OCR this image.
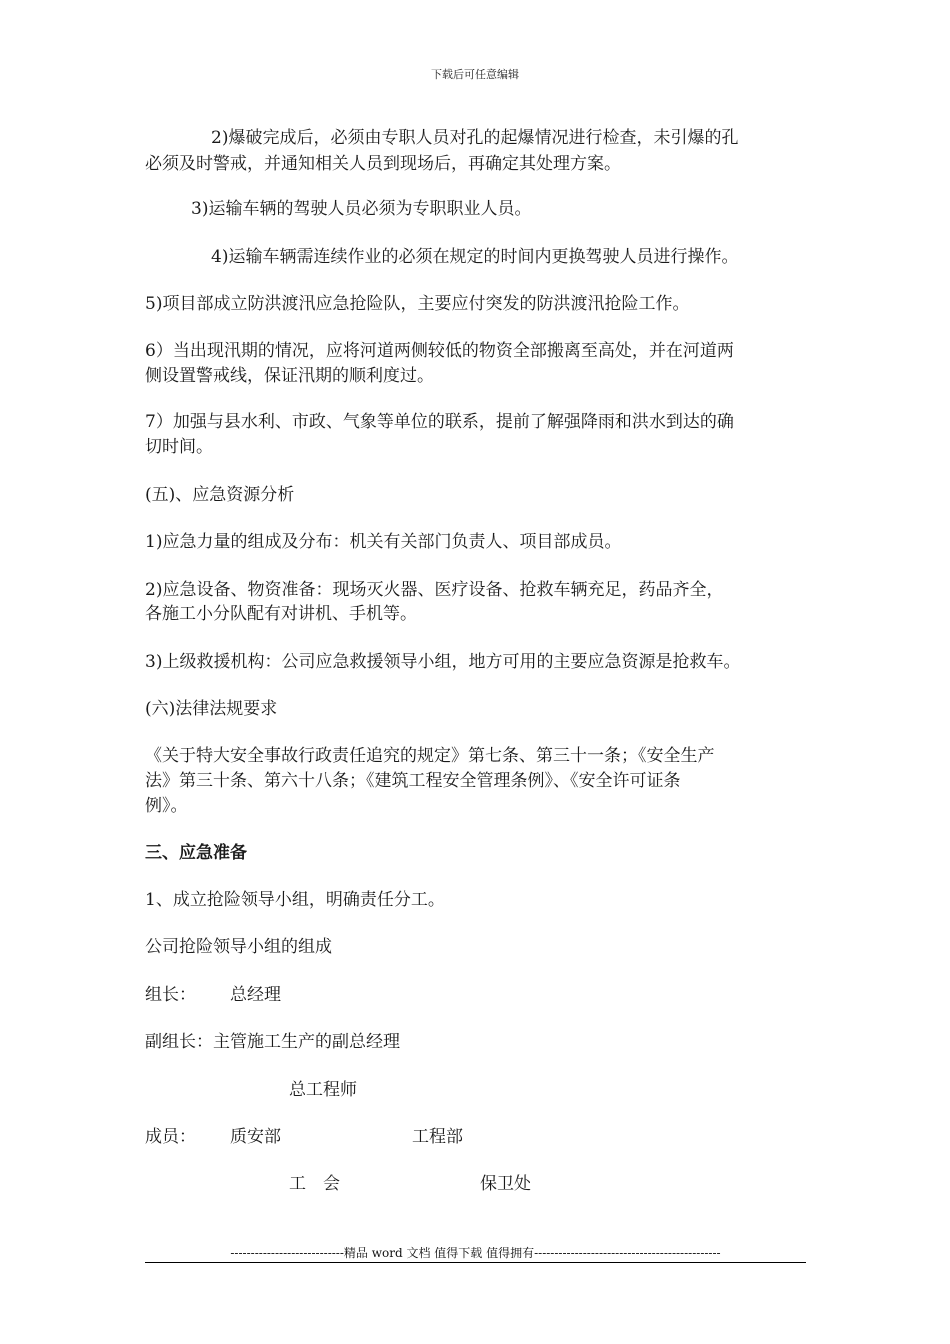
下载后可任意编辑
2)爆破完成后，必须由专职人员对孔的起爆情况进行检查，未引爆的孔
必须及时警戒，并通知相关人员到现场后，再确定其处理方案。
3)运输车辆的驾驶人员必须为专职职业人员。
4)运输车辆需连续作业的必须在规定的时间内更换驾驶人员进行操作。
5)项目部成立防洪渡汛应急抢险队，主要应付突发的防洪渡汛抢险工作。
6）当出现汛期的情况，应将河道两侧较低的物资全部搬离至高处，并在河道两
侧设置警戒线，保证汛期的顺利度过。
7）加强与县水利、市政、气象等单位的联系，提前了解强降雨和洪水到达的确
切时间。
(五)、应急资源分析
1)应急力量的组成及分布：机关有关部门负责人、项目部成员。
2)应急设备、物资准备：现场灭火器、医疗设备、抢救车辆充足，药品齐全，
各施工小分队配有对讲机、手机等。
3)上级救援机构：公司应急救援领导小组，地方可用的主要应急资源是抢救车。
(六)法律法规要求
《关于特大安全事故行政责任追究的规定》第七条、第三十一条；《安全生产
法》第三十条、第六十八条；《建筑工程安全管理条例》、《安全许可证条
例》。
三、应急准备
1、成立抢险领导小组，明确责任分工。
公司抢险领导小组的组成
组长： 总经理
副组长：主管施工生产的副总经理
总工程师
成员： 质安部	工程部
工　会	保卫处
----------------------------精品 word 文档 值得下载 值得拥有----------------------------------------------
